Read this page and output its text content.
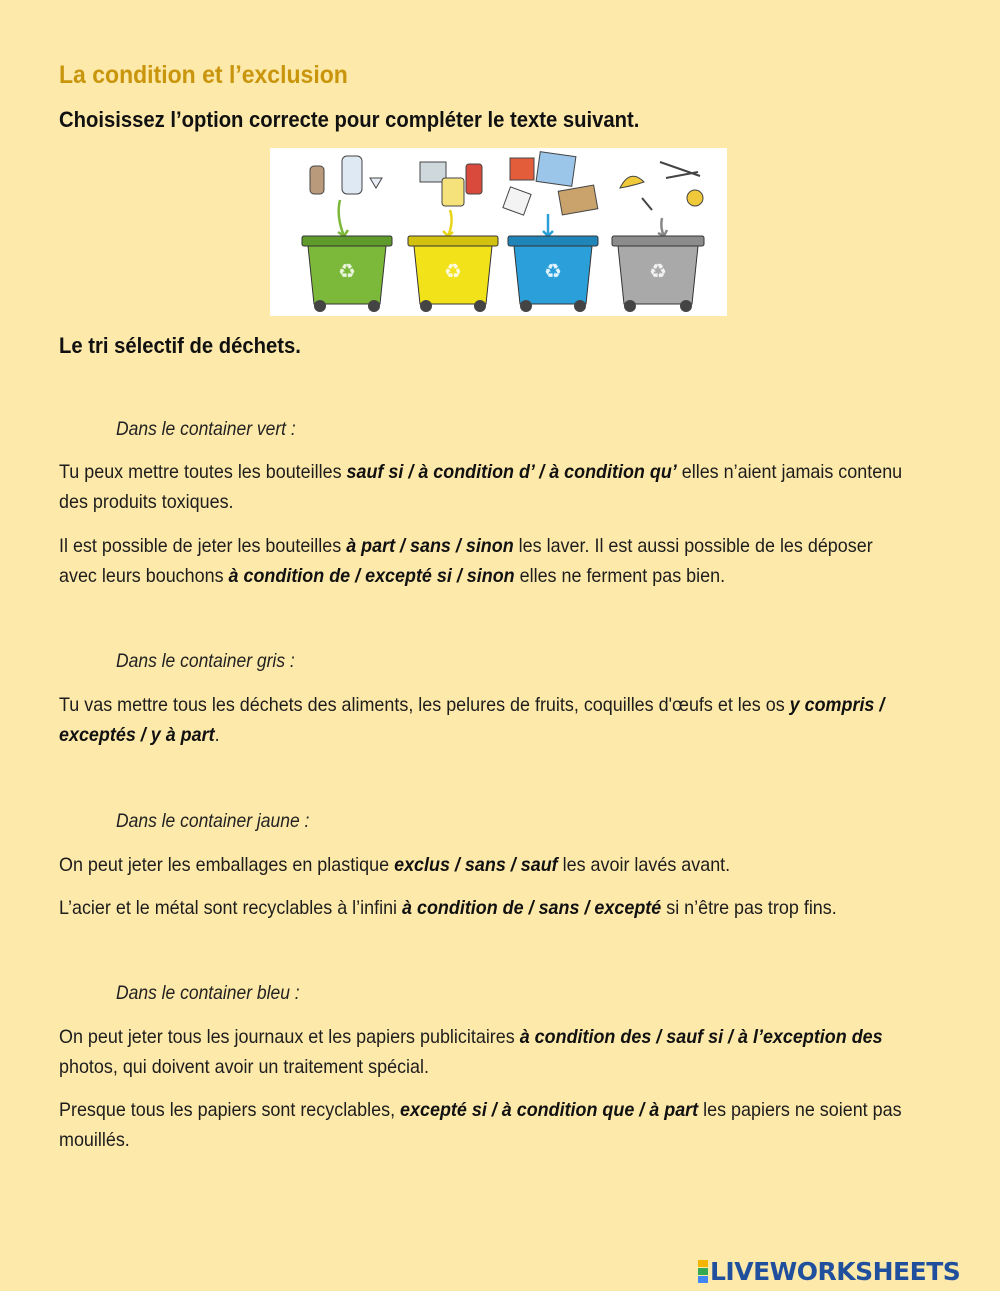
La condition et l’exclusion
Choisissez l’option correcte pour compléter le texte suivant.
♻	♻	♻	♻
Le tri sélectif de déchets.
Dans le container vert :
Tu peux mettre toutes les bouteilles sauf si / à condition d’ / à condition qu’ elles n’aient jamais contenu des produits toxiques.
Il est possible de jeter les bouteilles à part / sans / sinon les laver. Il est aussi possible de les déposer avec leurs bouchons à condition de / excepté si / sinon elles ne ferment pas bien.
Dans le container gris :
Tu vas mettre tous les déchets des aliments, les pelures de fruits, coquilles d'œufs et les os y compris / exceptés / y à part.
Dans le container jaune :
On peut jeter les emballages en plastique exclus / sans / sauf les avoir lavés avant.
L’acier et le métal sont recyclables à l’infini à condition de / sans / excepté si n’être pas trop fins.
Dans le container bleu :
On peut jeter tous les journaux et les papiers publicitaires à condition des / sauf si / à l’exception des photos, qui doivent avoir un traitement spécial.
Presque tous les papiers sont recyclables, excepté si / à condition que / à part les papiers ne soient pas mouillés.
LIVEWORKSHEETS
